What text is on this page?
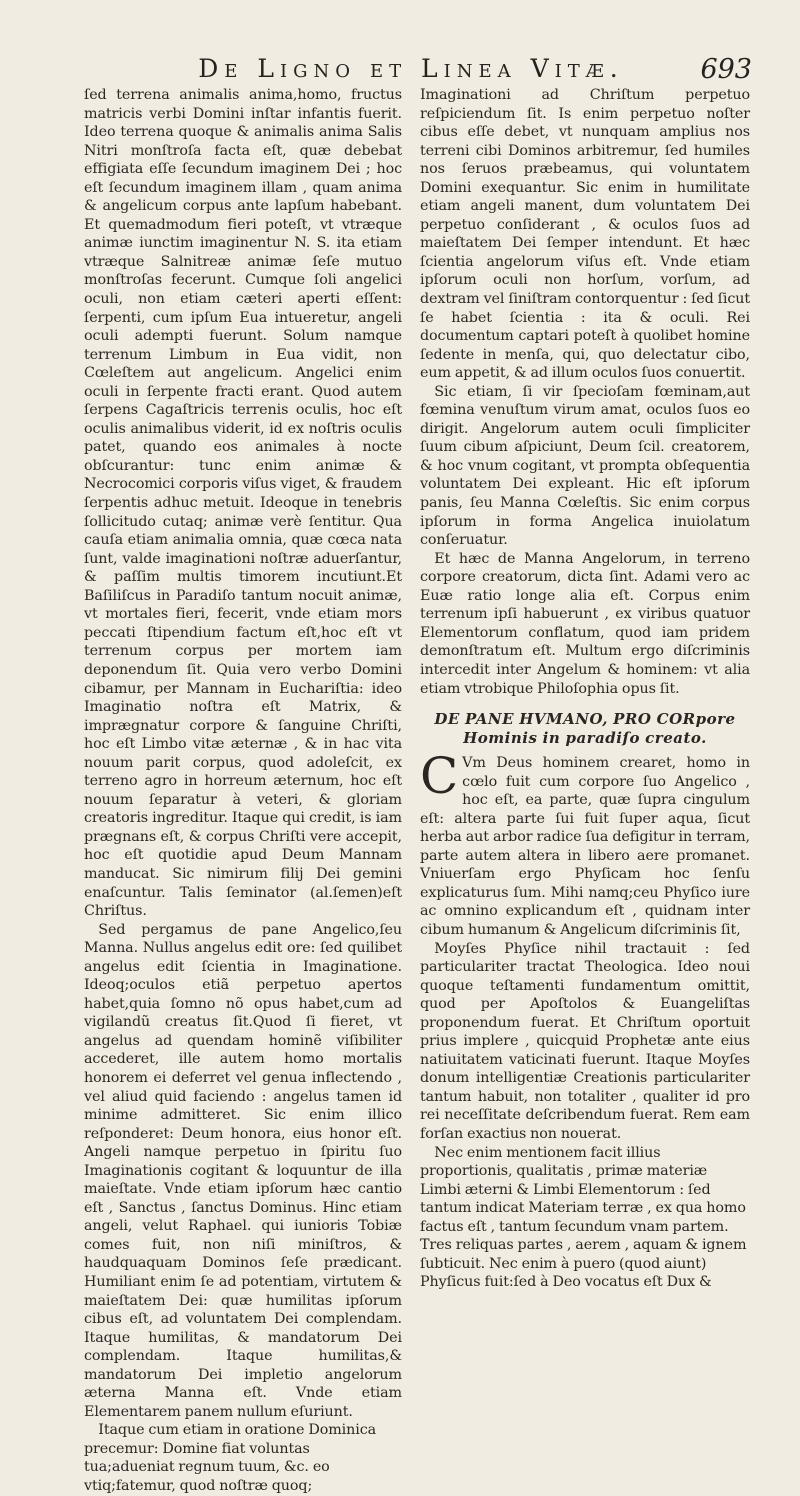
De Ligno et Linea Vitæ.	693

ſed terrena animalis anima,homo, fructus matricis verbi Domini inſtar infantis fuerit. Ideo terrena quoque & animalis anima Salis Nitri monſtroſa facta eſt, quæ debebat effigiata eſſe ſecundum imaginem Dei ; hoc eſt ſecundum imaginem illam , quam anima & angelicum corpus ante lapſum habebant. Et quemadmodum fieri poteſt, vt vtræque animæ iunctim imaginentur N. S. ita etiam vtræque Salnitreæ animæ ſeſe mutuo monſtroſas fecerunt. Cumque ſoli angelici oculi, non etiam cæteri aperti eſſent: ſerpenti, cum ipſum Eua intueretur, angeli oculi adempti fuerunt. Solum namque terrenum Limbum in Eua vidit, non Cœleſtem aut angelicum. Angelici enim oculi in ſerpente fracti erant. Quod autem ſerpens Cagaſtricis terrenis oculis, hoc eſt oculis animalibus viderit, id ex noſtris oculis patet, quando eos animales à nocte obſcurantur: tunc enim animæ & Necrocomici corporis viſus viget, & fraudem ſerpentis adhuc metuit. Ideoque in tenebris ſollicitudo cutaq; animæ verè ſentitur. Qua cauſa etiam animalia omnia, quæ cœca nata ſunt, valde imaginationi noſtræ aduerſantur, & paſſim multis timorem incutiunt.Et Baſiliſcus in Paradiſo tantum nocuit animæ, vt mortales fieri, fecerit, vnde etiam mors peccati ſtipendium factum eſt,hoc eſt vt terrenum corpus per mortem iam deponendum ſit. Quia vero verbo Domini cibamur, per Mannam in Euchariſtia: ideo Imaginatio noſtra eſt Matrix, & imprægnatur corpore & ſanguine Chriſti, hoc eſt Limbo vitæ æternæ , & in hac vita nouum parit corpus, quod adoleſcit, ex terreno agro in horreum æternum, hoc eſt nouum ſeparatur à veteri, & gloriam creatoris ingreditur. Itaque qui credit, is iam prægnans eſt, & corpus Chriſti vere accepit, hoc eſt quotidie apud Deum Mannam manducat. Sic nimirum filij Dei gemini enaſcuntur. Talis ſeminator (al.ſemen)eſt Chriſtus.

Sed pergamus de pane Angelico,ſeu Manna. Nullus angelus edit ore: ſed quilibet angelus edit ſcientia in Imaginatione. Ideoq;oculos etiã perpetuo apertos habet,quia ſomno nõ opus habet,cum ad vigilandũ creatus ſit.Quod ſi fieret, vt angelus ad quendam hominẽ viſibiliter accederet, ille autem homo mortalis honorem ei deferret vel genua inflectendo , vel aliud quid faciendo : angelus tamen id minime admitteret. Sic enim illico reſponderet: Deum honora, eius honor eſt. Angeli namque perpetuo in ſpiritu ſuo Imaginationis cogitant & loquuntur de illa maieſtate. Vnde etiam ipſorum hæc cantio eſt , Sanctus , ſanctus Dominus. Hinc etiam angeli, velut Raphael. qui iunioris Tobiæ comes fuit, non niſi miniſtros, & haudquaquam Dominos ſeſe prædicant. Humiliant enim ſe ad potentiam, virtutem & maieſtatem Dei: quæ humilitas ipſorum cibus eſt, ad voluntatem Dei complendam. Itaque humilitas, & mandatorum Dei complendam. Itaque humilitas,& mandatorum Dei impletio angelorum æterna Manna eſt. Vnde etiam Elementarem panem nullum eſuriunt.

Itaque cum etiam in oratione Dominica precemur: Domine fiat voluntas tua;adueniat regnum tuum, &c. eo vtiq;fatemur, quod noſtræ quoq;

Imaginationi ad Chriſtum perpetuo reſpiciendum ſit. Is enim perpetuo noſter cibus eſſe debet, vt nunquam amplius nos terreni cibi Dominos arbitremur, ſed humiles nos ſeruos præbeamus, qui voluntatem Domini exequantur. Sic enim in humilitate etiam angeli manent, dum voluntatem Dei perpetuo conſiderant , & oculos ſuos ad maieſtatem Dei ſemper intendunt. Et hæc ſcientia angelorum viſus eſt. Vnde etiam ipſorum oculi non horſum, vorſum, ad dextram vel ſiniſtram contorquentur : ſed ſicut ſe habet ſcientia : ita & oculi. Rei documentum captari poteſt à quolibet homine ſedente in menſa, qui, quo delectatur cibo, eum appetit, & ad illum oculos ſuos conuertit.

Sic etiam, ſi vir ſpecioſam fœminam,aut fœmina venuſtum virum amat, oculos ſuos eo dirigit. Angelorum autem oculi ſimpliciter ſuum cibum aſpiciunt, Deum ſcil. creatorem, & hoc vnum cogitant, vt prompta obſequentia voluntatem Dei expleant. Hic eſt ipſorum panis, ſeu Manna Cœleſtis. Sic enim corpus ipſorum in forma Angelica inuiolatum conſeruatur.

Et hæc de Manna Angelorum, in terreno corpore creatorum, dicta ſint. Adami vero ac Euæ ratio longe alia eſt. Corpus enim terrenum ipſi habuerunt , ex viribus quatuor Elementorum conflatum, quod iam pridem demonſtratum eſt. Multum ergo diſcriminis intercedit inter Angelum & hominem: vt alia etiam vtrobique Philoſophia opus ſit.

DE PANE HVMANO, PRO CORpore Hominis in paradiſo creato.

C Vm Deus hominem crearet, homo in cœlo fuit cum corpore ſuo Angelico , hoc eſt, ea parte, quæ ſupra cingulum eſt: altera parte ſui fuit ſuper aqua, ſicut herba aut arbor radice ſua defigitur in terram, parte autem altera in libero aere promanet. Vniuerſam ergo Phyſicam hoc ſenſu explicaturus ſum. Mihi namq;ceu Phyſico iure ac omnino explicandum eſt , quidnam inter cibum humanum & Angelicum diſcriminis ſit,

Moyſes Phyſice nihil tractauit : ſed particulariter tractat Theologica. Ideo noui quoque teſtamenti fundamentum omittit, quod per Apoſtolos & Euangeliſtas proponendum fuerat. Et Chriſtum oportuit prius implere , quicquid Prophetæ ante eius natiuitatem vaticinati fuerunt. Itaque Moyſes donum intelligentiæ Creationis particulariter tantum habuit, non totaliter , qualiter id pro rei neceſſitate deſcribendum fuerat. Rem eam forſan exactius non nouerat.

Nec enim mentionem facit illius proportionis, qualitatis , primæ materiæ Limbi æterni & Limbi Elementorum : ſed tantum indicat Materiam terræ , ex qua homo factus eſt , tantum ſecundum vnam partem. Tres reliquas partes , aerem , aquam & ignem ſubticuit. Nec enim à puero (quod aiunt) Phyſicus fuit:ſed à Deo vocatus eſt Dux &
